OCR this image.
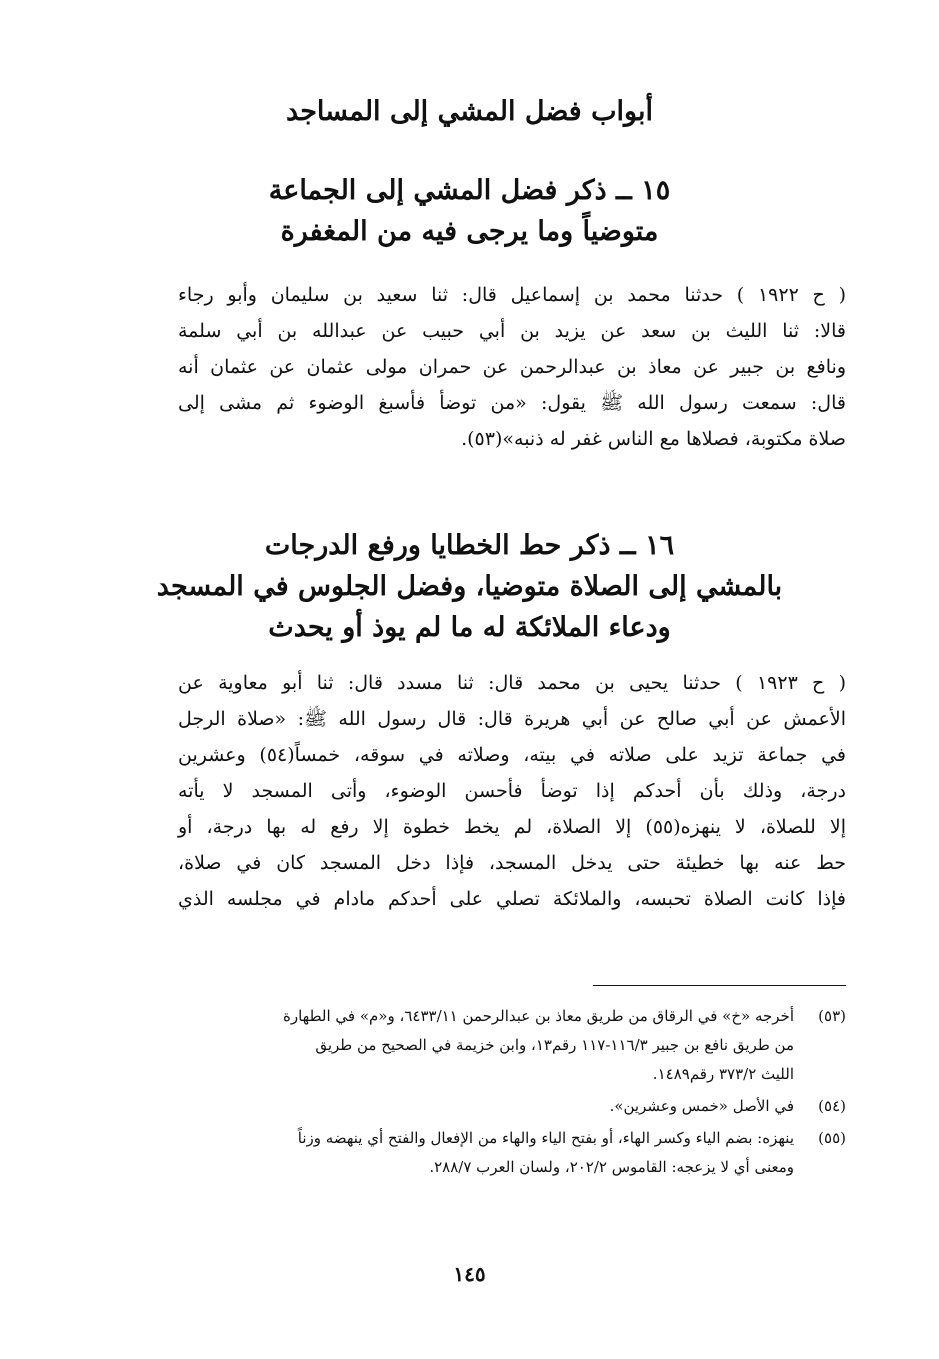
أبواب فضل المشي إلى المساجد
١٥ ــ ذكر فضل المشي إلى الجماعة
متوضياً وما يرجى فيه من المغفرة
( ح ١٩٢٢ ) حدثنا محمد بن إسماعيل قال: ثنا سعيد بن سليمان وأبو رجاء
قالا: ثنا الليث بن سعد عن يزيد بن أبي حبيب عن عبدالله بن أبي سلمة
ونافع بن جبير عن معاذ بن عبدالرحمن عن حمران مولى عثمان عن عثمان أنه
قال: سمعت رسول الله ﷺ يقول: «من توضأ فأسبغ الوضوء ثم مشى إلى
صلاة مكتوبة، فصلاها مع الناس غفر له ذنبه»(٥٣).
١٦ ــ ذكر حط الخطايا ورفع الدرجات
بالمشي إلى الصلاة متوضيا، وفضل الجلوس في المسجد
ودعاء الملائكة له ما لم يوذ أو يحدث
( ح ١٩٢٣ ) حدثنا يحيى بن محمد قال: ثنا مسدد قال: ثنا أبو معاوية عن
الأعمش عن أبي صالح عن أبي هريرة قال: قال رسول الله ﷺ: «صلاة الرجل
في جماعة تزيد على صلاته في بيته، وصلاته في سوقه، خمساً(٥٤) وعشرين
درجة، وذلك بأن أحدكم إذا توضأ فأحسن الوضوء، وأتى المسجد لا يأته
إلا للصلاة، لا ينهزه(٥٥) إلا الصلاة، لم يخط خطوة إلا رفع له بها درجة، أو
حط عنه بها خطيئة حتى يدخل المسجد، فإذا دخل المسجد كان في صلاة،
فإذا كانت الصلاة تحبسه، والملائكة تصلي على أحدكم مادام في مجلسه الذي
(٥٣)
أخرجه «خ» في الرقاق من طريق معاذ بن عبدالرحمن ٦٤٣٣/١١، و«م» في الطهارة
من طريق نافع بن جبير ١١٦/٣-١١٧ رقم١٣، وابن خزيمة في الصحيح من طريق
الليث ٣٧٣/٢ رقم١٤٨٩.
(٥٤)
في الأصل «خمس وعشرين».
(٥٥)
ينهزه: بضم الياء وكسر الهاء، أو بفتح الياء والهاء من الإفعال والفتح أي ينهضه وزناً
ومعنى أي لا يزعجه: القاموس ٢٠٢/٢، ولسان العرب ٢٨٨/٧.
١٤٥
